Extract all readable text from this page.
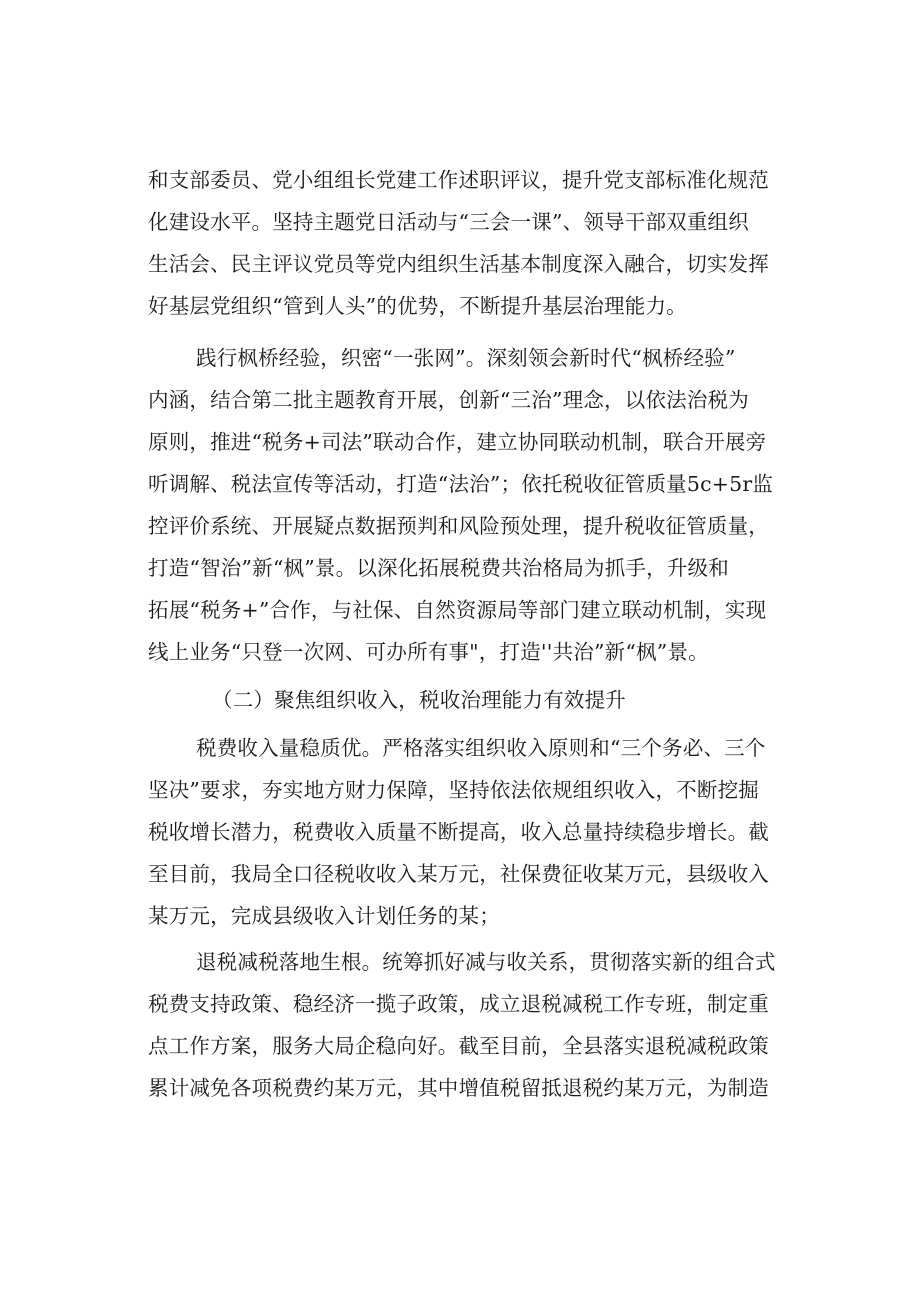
和支部委员、党小组组长党建工作述职评议，提升党支部标准化规范
化建设水平。坚持主题党日活动与“三会一课”、领导干部双重组织
生活会、民主评议党员等党内组织生活基本制度深入融合，切实发挥
好基层党组织“管到人头”的优势，不断提升基层治理能力。
践行枫桥经验，织密“一张网”。深刻领会新时代“枫桥经验”
内涵，结合第二批主题教育开展，创新“三治”理念，以依法治税为
原则，推进“税务+司法”联动合作，建立协同联动机制，联合开展旁
听调解、税法宣传等活动，打造“法治”；依托税收征管质量5c+5r监
控评价系统、开展疑点数据预判和风险预处理，提升税收征管质量，
打造“智治”新“枫”景。以深化拓展税费共治格局为抓手，升级和
拓展“税务+”合作，与社保、自然资源局等部门建立联动机制，实现
线上业务“只登一次网、可办所有事"，打造''共治”新“枫”景。
（二）聚焦组织收入，税收治理能力有效提升
税费收入量稳质优。严格落实组织收入原则和“三个务必、三个
坚决”要求，夯实地方财力保障，坚持依法依规组织收入，不断挖掘
税收增长潜力，税费收入质量不断提高，收入总量持续稳步增长。截
至目前，我局全口径税收收入某万元，社保费征收某万元，县级收入
某万元，完成县级收入计划任务的某；
退税减税落地生根。统筹抓好减与收关系，贯彻落实新的组合式
税费支持政策、稳经济一揽子政策，成立退税减税工作专班，制定重
点工作方案，服务大局企稳向好。截至目前，全县落实退税减税政策
累计减免各项税费约某万元，其中增值税留抵退税约某万元，为制造
